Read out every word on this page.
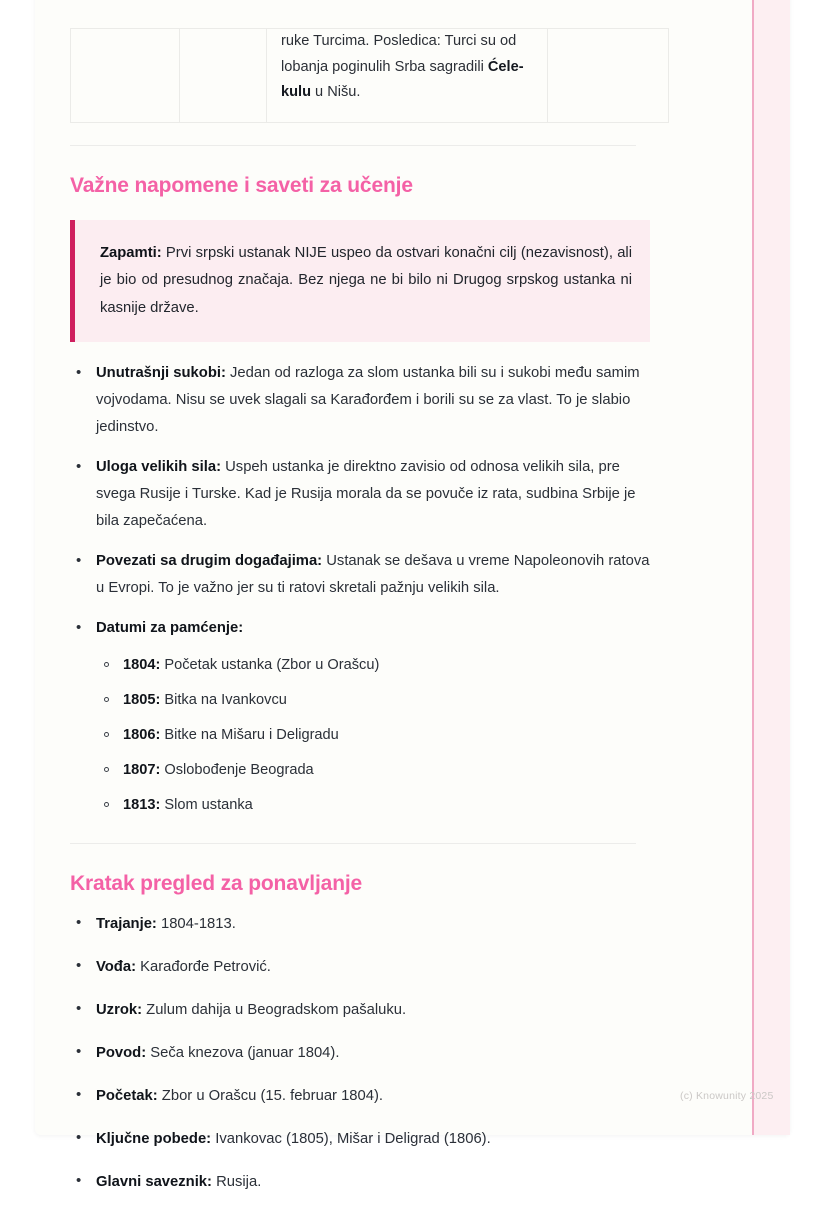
		ruke Turcima. Posledica: Turci su od lobanja poginulih Srba sagradili Ćele-kulu u Nišu.	
Važne napomene i saveti za učenje

Zapamti: Prvi srpski ustanak NIJE uspeo da ostvari konačni cilj (nezavisnost), ali je bio od presudnog značaja. Bez njega ne bi bilo ni Drugog srpskog ustanka ni kasnije države.

• Unutrašnji sukobi: Jedan od razloga za slom ustanka bili su i sukobi među samim vojvodama. Nisu se uvek slagali sa Karađorđem i borili su se za vlast. To je slabio jedinstvo.
• Uloga velikih sila: Uspeh ustanka je direktno zavisio od odnosa velikih sila, pre svega Rusije i Turske. Kad je Rusija morala da se povuče iz rata, sudbina Srbije je bila zapečaćena.
• Povezati sa drugim događajima: Ustanak se dešava u vreme Napoleonovih ratova u Evropi. To je važno jer su ti ratovi skretali pažnju velikih sila.
• Datumi za pamćenje:
1804: Početak ustanka (Zbor u Orašcu)
1805: Bitka na Ivankovcu
1806: Bitke na Mišaru i Deligradu
1807: Oslobođenje Beograda
1813: Slom ustanka
Kratak pregled za ponavljanje
• Trajanje: 1804-1813.
• Vođa: Karađorđe Petrović.
• Uzrok: Zulum dahija u Beogradskom pašaluku.
• Povod: Seča knezova (januar 1804).
• Početak: Zbor u Orašcu (15. februar 1804).
• Ključne pobede: Ivankovac (1805), Mišar i Deligrad (1806).
• Glavni saveznik: Rusija.
(c) Knowunity 2025
